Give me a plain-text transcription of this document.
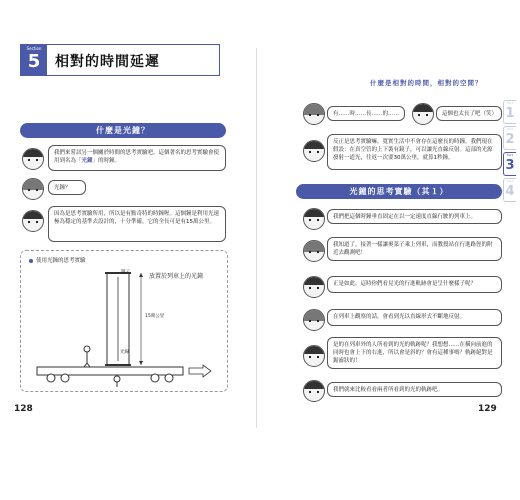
Section
5	相對的時間延遲
什麼是光鐘？
我們來嘗試另一個關於時間的思考實驗吧。這個著名的思考實驗會使用到名為「光鐘」的時鐘。
光鐘？
因為是思考實驗所用，所以是有點奇特的時鐘喔。這個鐘是利用光速極為穩定的基準去設計的，十分準確。它的全長可是有15萬公里。
使用光鐘的思考實驗
鏡子
光線
15萬公里
放置於列車上的光鐘
128
什麼是相對的時間，相對的空間？
有……時……長……的……	這個也太長了吧（笑）
反正是思考實驗嘛，寬實生活中不會存在這麼長的時鐘。我們現在假設：在真空管的上下裝有鏡子，可以讓光直線反射。這部的光源發射一道光，往返一次要30萬公里，就算1秒鐘。
光鐘的思考實驗（其１）
我們把這個時鐘垂直固定在以一定速度直線行駛的列車上。
我知道了。接著一樣讓奧菜子乘上列車，而教授站在行進路徑的附近去觀測吧！
正是如此。這時你們看見光的行進軌跡會是呈什麼樣子呢？
在列車上觀察的話，會看到光以直線形式不斷地反射。
是的在列車外的人所看到的光的軌跡呢？我想想……在橫向前進的同時也會上下的右進，所以會是斜的？會有這種事嗎？軌跡絕對是鋸齒狀的！
我們就來比較看看兩者所看到的光的軌跡吧。
129
Part
1
Part
2
Part
3
Part
4
